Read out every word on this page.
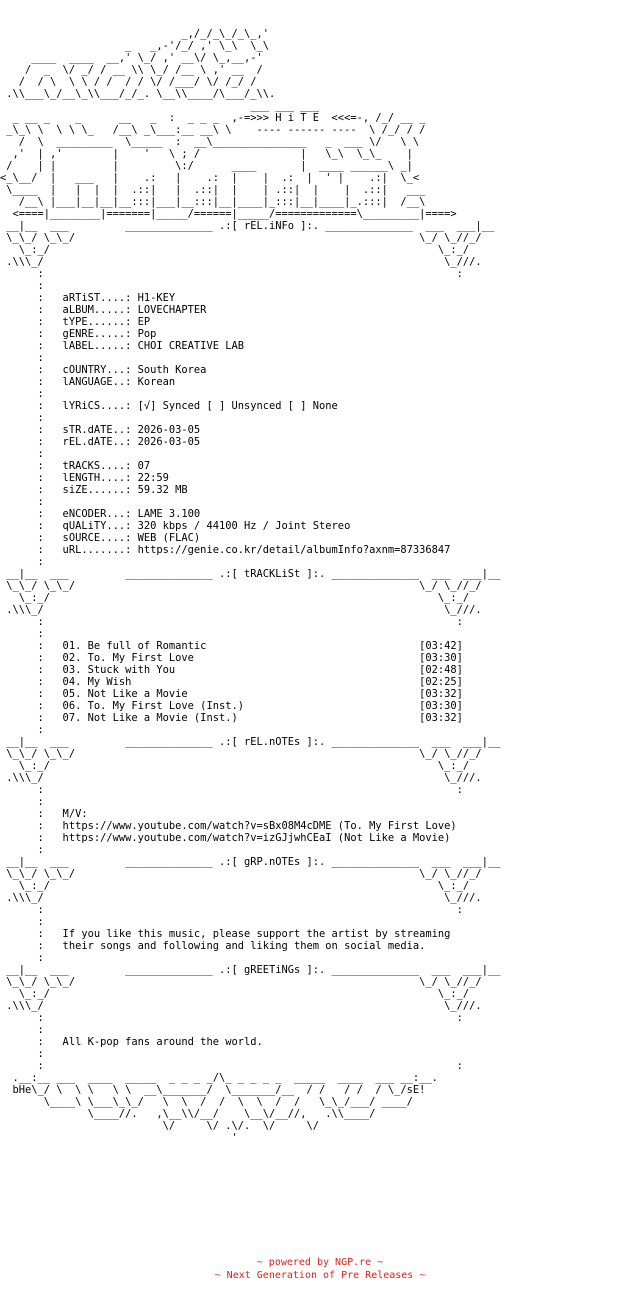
_,/_/_\_/_\_,'
_   _,-'/_/ ,' \_\  \_\
____  ____  __,' \_/ ,' __\/ \_,__,-'
/  _  \/ _/ / __ \\ \_/ /__ \ ,' __  /
/  / \  \ \ / /  / / \/ /___/ \/ /_/ /
.\\___\_/__\_\\___/_/_. \__\\____/\___/_\\.
___ ___ ___
_ __ _    _      __   _  :  _ _ _  ,-=>>> H i T E  <<<=-, /_/ __ _
_\_\ \  \ \ \_   /__\ _\___:__ __\ \    ---- ------ ----  \ /_/ / /
/  \  _________  \_____  :  __\_______________   _  ___ \/   \ \
,'  | ,'        |    '   \ ; /                |   \_\  \_\_    |
/    | |         |         \:/      ____       |  ____ ______\ _|
<_\__/  |   ___   |    .:   |    .:  |    |  .:  |  ' |    .:|  \_<
\____  |   |  |  |  .::|   |  .::|  |    | .::|  |    |  .::|   ___
/__\ |___|__|__|__:::|___|__:::|__|____|_:::|__|____|_.:::|  /__\
<====|________|=======|_____/======|_____/=============\_________|====>
__|__  ___         ______________ .:[ rEL.iNFo ]:. ______________  ___  ___|__
\_\_/ \_\_/                                                       \_/ \_//_/
\_:_/                                                              \_:_/
.\\\_/                                                                \_///.
:                                                                  :
:
:   aRTiST....: H1-KEY
:   aLBUM.....: LOVECHAPTER
:   tYPE......: EP
:   gENRE.....: Pop
:   lABEL.....: CHOI CREATIVE LAB
:
:   cOUNTRY...: South Korea
:   lANGUAGE..: Korean
:
:   lYRiCS....: [√] Synced [ ] Unsynced [ ] None
:
:   sTR.dATE..: 2026-03-05
:   rEL.dATE..: 2026-03-05
:
:   tRACKS....: 07
:   lENGTH....: 22:59
:   siZE......: 59.32 MB
:
:   eNCODER...: LAME 3.100
:   qUALiTY...: 320 kbps / 44100 Hz / Joint Stereo
:   sOURCE....: WEB (FLAC)
:   uRL.......: https://genie.co.kr/detail/albumInfo?axnm=87336847
:
__|__  ___         ______________ .:[ tRACKLiSt ]:. ______________  ___  ___|__
\_\_/ \_\_/                                                       \_/ \_//_/
\_:_/                                                              \_:_/
.\\\_/                                                                \_///.
:                                                                  :
:
:   01. Be full of Romantic                                  [03:42]
:   02. To. My First Love                                    [03:30]
:   03. Stuck with You                                       [02:48]
:   04. My Wish                                              [02:25]
:   05. Not Like a Movie                                     [03:32]
:   06. To. My First Love (Inst.)                            [03:30]
:   07. Not Like a Movie (Inst.)                             [03:32]
:
__|__  ___         ______________ .:[ rEL.nOTEs ]:. ______________  ___  ___|__
\_\_/ \_\_/                                                       \_/ \_//_/
\_:_/                                                              \_:_/
.\\\_/                                                                \_///.
:                                                                  :
:
:   M/V:
:   https://www.youtube.com/watch?v=sBx08M4cDME (To. My First Love)
:   https://www.youtube.com/watch?v=izGJjwhCEaI (Not Like a Movie)
:
__|__  ___         ______________ .:[ gRP.nOTEs ]:. ______________  ___  ___|__
\_\_/ \_\_/                                                       \_/ \_//_/
\_:_/                                                              \_:_/
.\\\_/                                                                \_///.
:                                                                  :
:
:   If you like this music, please support the artist by streaming
:   their songs and following and liking them on social media.
:
__|__  ___         ______________ .:[ gREETiNGs ]:. ______________  ___  ___|__
\_\_/ \_\_/                                                       \_/ \_//_/
\_:_/                                                              \_:_/
.\\\_/                                                                \_///.
:                                                                  :
:
:   All K-pop fans around the world.
:
:                                                                  :
.__:__ ___  ____  _____  _ _ _ _/\_ _ _ _ _  _____  ____  ___ __:__.
bHe\_/ \  \ \   \ \  __\_______/  \_______/__  / /   / /  / \_/sE!
\____\ \___\_\_/   \  \  /  /  \  \  /  /   \_\_/___/ ____/
\____//.   ,\__\\/__/    \__\/__//,   .\\____/
\/     \/ .\/.  \/     \/
'
~ powered by NGP.re ~
~ Next Generation of Pre Releases ~
